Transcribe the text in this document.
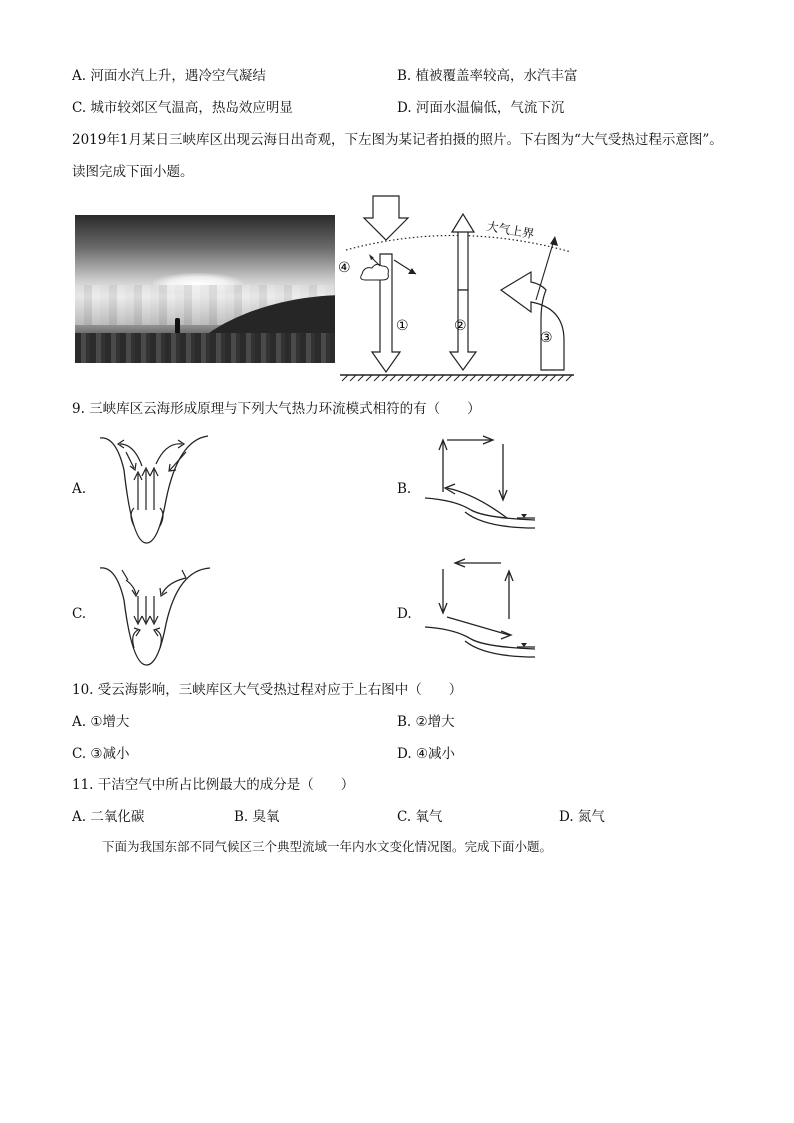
A. 河面水汽上升，遇冷空气凝结	B. 植被覆盖率较高，水汽丰富
C. 城市较郊区气温高，热岛效应明显	D. 河面水温偏低，气流下沉
2019年1月某日三峡库区出现云海日出奇观，下左图为某记者拍摄的照片。下右图为“大气受热过程示意图”。读图完成下面小题。
大气上界
①
④
②
③
9. 三峡库区云海形成原理与下列大气热力环流模式相符的有（　　）
A.	B.
C.	D.
10. 受云海影响，三峡库区大气受热过程对应于上右图中（　　）
A. ①增大	B. ②增大
C. ③减小	D. ④减小
11. 干洁空气中所占比例最大的成分是（　　）
A. 二氧化碳	B. 臭氧	C. 氧气	D. 氮气
下面为我国东部不同气候区三个典型流域一年内水文变化情况图。完成下面小题。
